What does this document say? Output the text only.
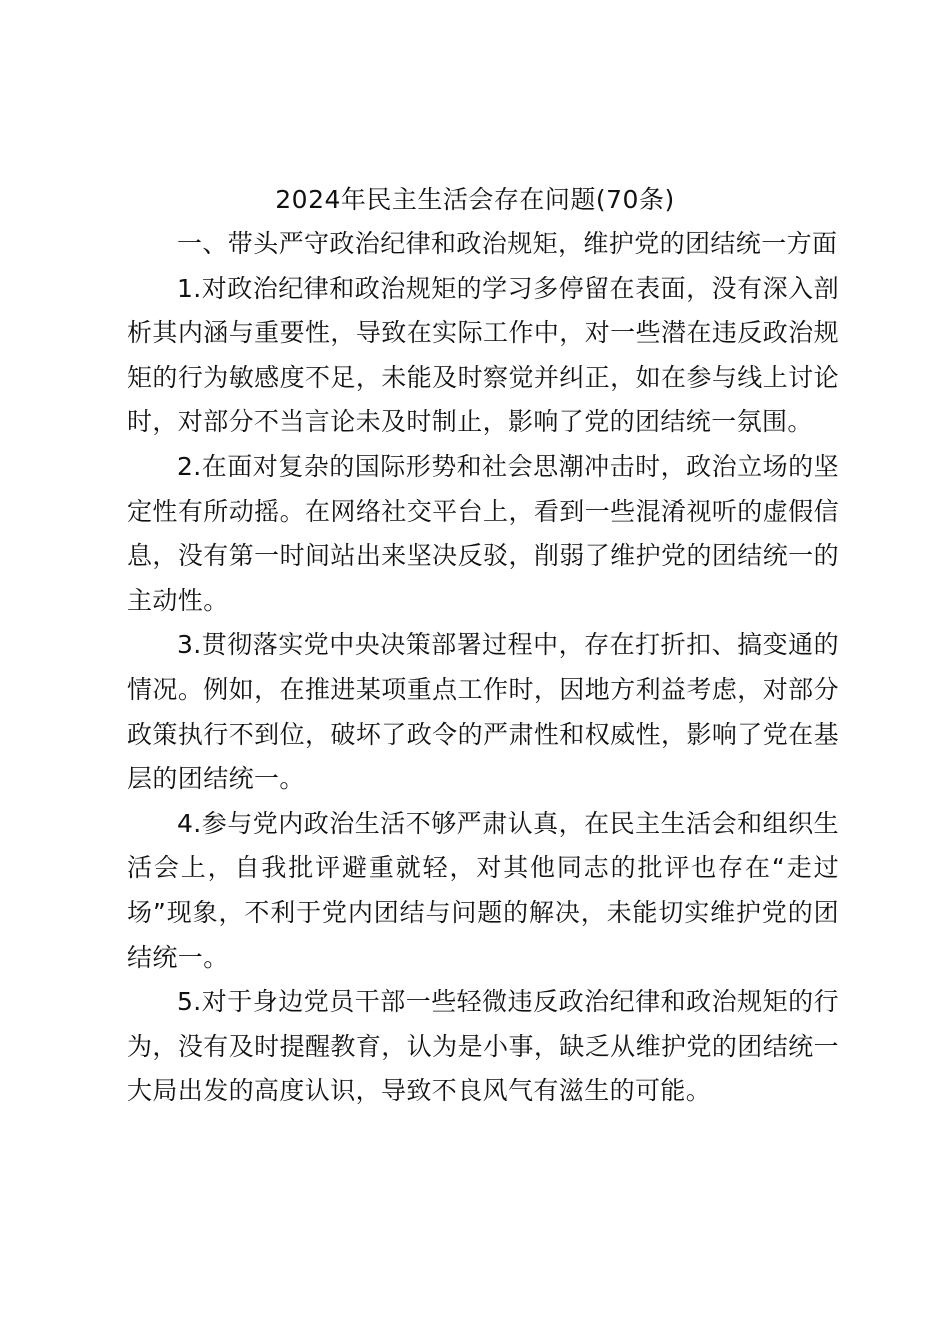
2024年民主生活会存在问题(70条)

一、带头严守政治纪律和政治规矩，维护党的团结统一方面

1.对政治纪律和政治规矩的学习多停留在表面，没有深入剖析其内涵与重要性，导致在实际工作中，对一些潜在违反政治规矩的行为敏感度不足，未能及时察觉并纠正，如在参与线上讨论时，对部分不当言论未及时制止，影响了党的团结统一氛围。

2.在面对复杂的国际形势和社会思潮冲击时，政治立场的坚定性有所动摇。在网络社交平台上，看到一些混淆视听的虚假信息，没有第一时间站出来坚决反驳，削弱了维护党的团结统一的主动性。

3.贯彻落实党中央决策部署过程中，存在打折扣、搞变通的情况。例如，在推进某项重点工作时，因地方利益考虑，对部分政策执行不到位，破坏了政令的严肃性和权威性，影响了党在基层的团结统一。

4.参与党内政治生活不够严肃认真，在民主生活会和组织生活会上，自我批评避重就轻，对其他同志的批评也存在“走过场”现象，不利于党内团结与问题的解决，未能切实维护党的团结统一。

5.对于身边党员干部一些轻微违反政治纪律和政治规矩的行为，没有及时提醒教育，认为是小事，缺乏从维护党的团结统一大局出发的高度认识，导致不良风气有滋生的可能。
